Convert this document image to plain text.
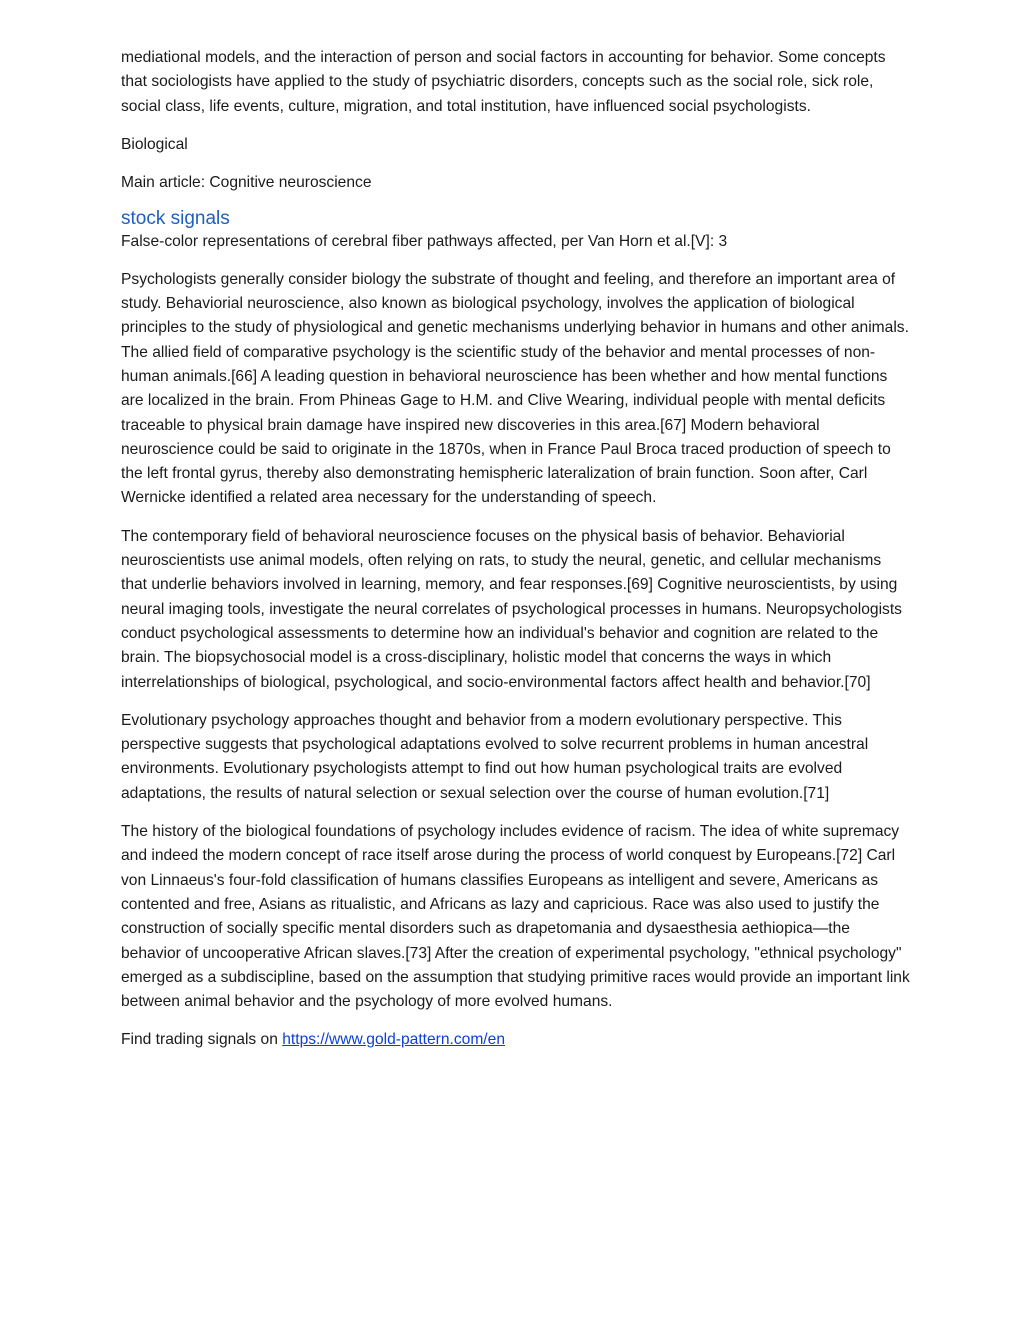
mediational models, and the interaction of person and social factors in accounting for behavior. Some concepts that sociologists have applied to the study of psychiatric disorders, concepts such as the social role, sick role, social class, life events, culture, migration, and total institution, have influenced social psychologists.

Biological

Main article: Cognitive neuroscience

stock signals

False-color representations of cerebral fiber pathways affected, per Van Horn et al.[V]: 3

Psychologists generally consider biology the substrate of thought and feeling, and therefore an important area of study. Behaviorial neuroscience, also known as biological psychology, involves the application of biological principles to the study of physiological and genetic mechanisms underlying behavior in humans and other animals. The allied field of comparative psychology is the scientific study of the behavior and mental processes of non-human animals.[66] A leading question in behavioral neuroscience has been whether and how mental functions are localized in the brain. From Phineas Gage to H.M. and Clive Wearing, individual people with mental deficits traceable to physical brain damage have inspired new discoveries in this area.[67] Modern behavioral neuroscience could be said to originate in the 1870s, when in France Paul Broca traced production of speech to the left frontal gyrus, thereby also demonstrating hemispheric lateralization of brain function. Soon after, Carl Wernicke identified a related area necessary for the understanding of speech.

The contemporary field of behavioral neuroscience focuses on the physical basis of behavior. Behaviorial neuroscientists use animal models, often relying on rats, to study the neural, genetic, and cellular mechanisms that underlie behaviors involved in learning, memory, and fear responses.[69] Cognitive neuroscientists, by using neural imaging tools, investigate the neural correlates of psychological processes in humans. Neuropsychologists conduct psychological assessments to determine how an individual's behavior and cognition are related to the brain. The biopsychosocial model is a cross-disciplinary, holistic model that concerns the ways in which interrelationships of biological, psychological, and socio-environmental factors affect health and behavior.[70]

Evolutionary psychology approaches thought and behavior from a modern evolutionary perspective. This perspective suggests that psychological adaptations evolved to solve recurrent problems in human ancestral environments. Evolutionary psychologists attempt to find out how human psychological traits are evolved adaptations, the results of natural selection or sexual selection over the course of human evolution.[71]

The history of the biological foundations of psychology includes evidence of racism. The idea of white supremacy and indeed the modern concept of race itself arose during the process of world conquest by Europeans.[72] Carl von Linnaeus's four-fold classification of humans classifies Europeans as intelligent and severe, Americans as contented and free, Asians as ritualistic, and Africans as lazy and capricious. Race was also used to justify the construction of socially specific mental disorders such as drapetomania and dysaesthesia aethiopica—the behavior of uncooperative African slaves.[73] After the creation of experimental psychology, "ethnical psychology" emerged as a subdiscipline, based on the assumption that studying primitive races would provide an important link between animal behavior and the psychology of more evolved humans.

Find trading signals on https://www.gold-pattern.com/en
